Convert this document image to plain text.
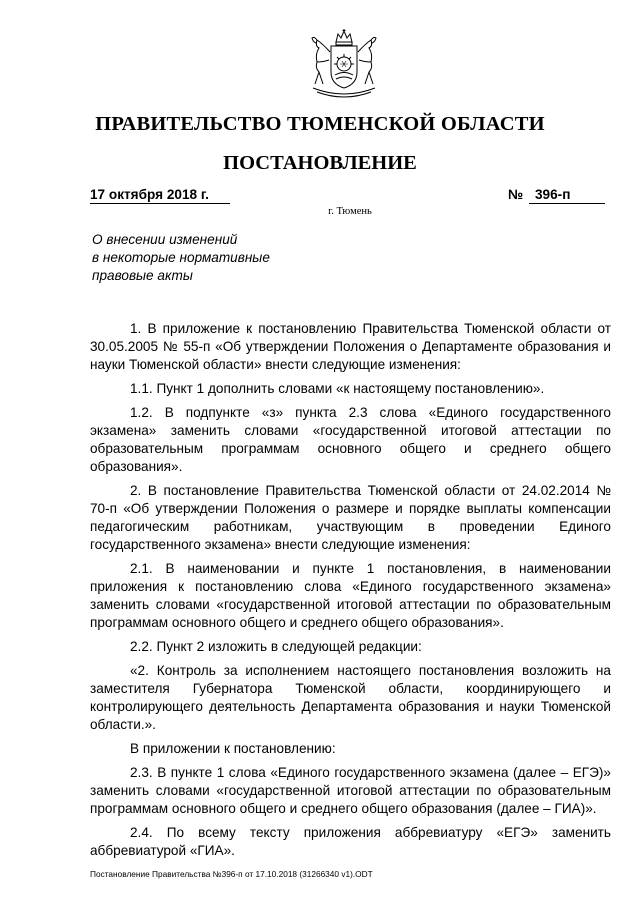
ПРАВИТЕЛЬСТВО ТЮМЕНСКОЙ ОБЛАСТИ
ПОСТАНОВЛЕНИЕ
17 октября 2018 г.	№ 396-п
г. Тюмень
О внесении изменений
в некоторые нормативные
правовые акты

1. В приложение к постановлению Правительства Тюменской области от 30.05.2005 № 55-п «Об утверждении Положения о Департаменте образования и науки Тюменской области» внести следующие изменения:

1.1. Пункт 1 дополнить словами «к настоящему постановлению».

1.2. В подпункте «з» пункта 2.3 слова «Единого государственного экзамена» заменить словами «государственной итоговой аттестации по образовательным программам основного общего и среднего общего образования».

2. В постановление Правительства Тюменской области от 24.02.2014 № 70-п «Об утверждении Положения о размере и порядке выплаты компенсации педагогическим работникам, участвующим в проведении Единого государственного экзамена» внести следующие изменения:

2.1. В наименовании и пункте 1 постановления, в наименовании приложения к постановлению слова «Единого государственного экзамена» заменить словами «государственной итоговой аттестации по образовательным программам основного общего и среднего общего образования».

2.2. Пункт 2 изложить в следующей редакции:

«2. Контроль за исполнением настоящего постановления возложить на заместителя Губернатора Тюменской области, координирующего и контролирующего деятельность Департамента образования и науки Тюменской области.».

В приложении к постановлению:

2.3. В пункте 1 слова «Единого государственного экзамена (далее – ЕГЭ)» заменить словами «государственной итоговой аттестации по образовательным программам основного общего и среднего общего образования (далее – ГИА)».

2.4. По всему тексту приложения аббревиатуру «ЕГЭ» заменить аббревиатурой «ГИА».

Постановление Правительства №396-п от 17.10.2018 (31266340 v1).ODT
